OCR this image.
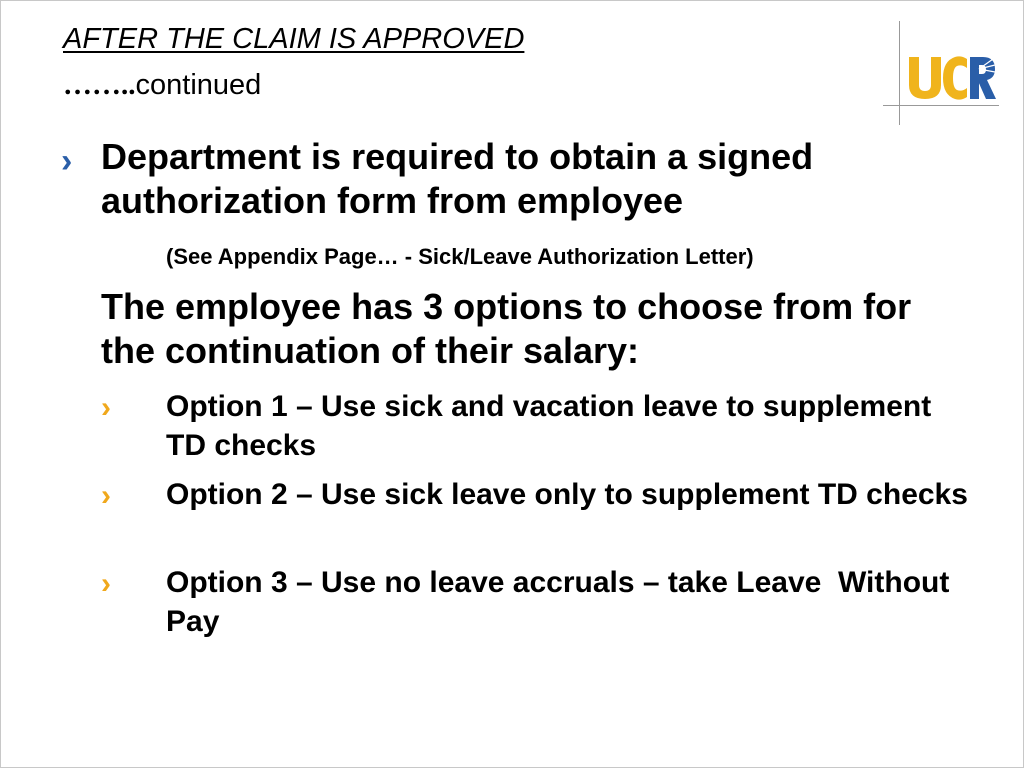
AFTER THE CLAIM IS APPROVED
……..continued
› Department is required to obtain a signed authorization form from employee
(See Appendix Page… - Sick/Leave Authorization Letter)
The employee has 3 options to choose from for the continuation of their salary:
› Option 1 – Use sick and vacation leave to supplement TD checks
› Option 2 – Use sick leave only to supplement TD checks
› Option 3 – Use no leave accruals – take Leave  Without Pay
